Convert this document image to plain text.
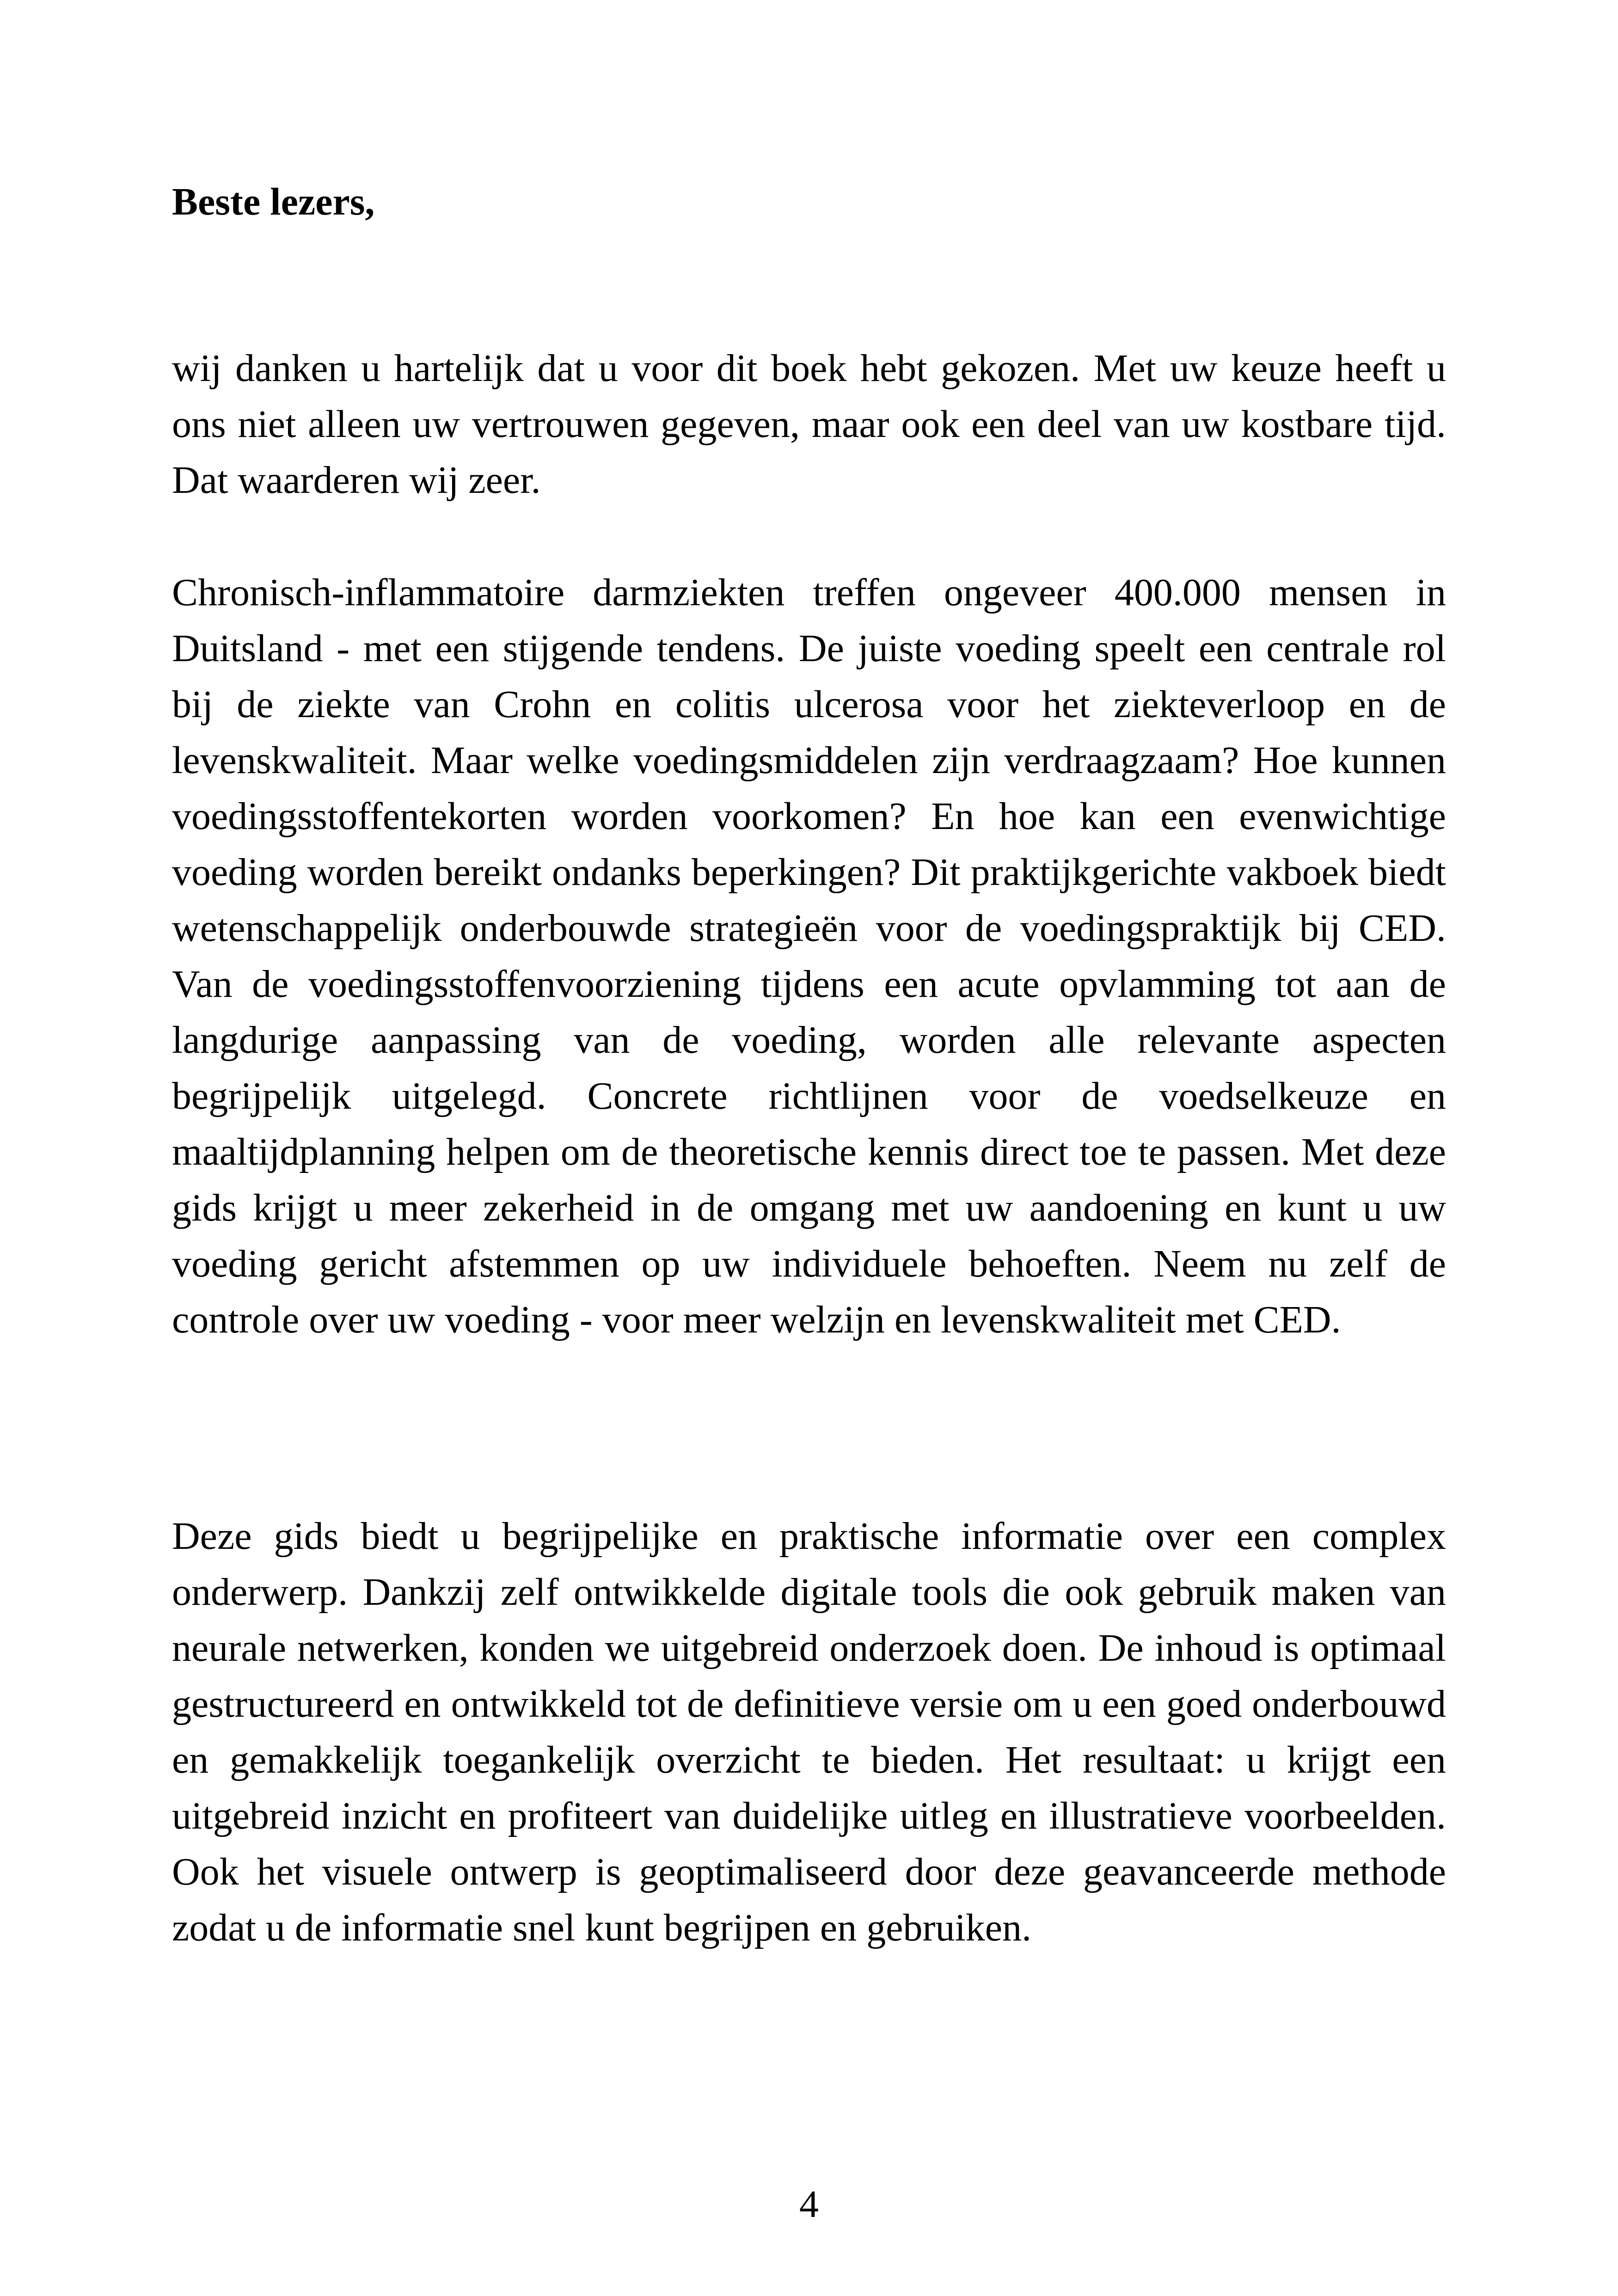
Beste lezers,

wij danken u hartelijk dat u voor dit boek hebt gekozen. Met uw keuze heeft u ons niet alleen uw vertrouwen gegeven, maar ook een deel van uw kostbare tijd. Dat waarderen wij zeer.

Chronisch-inflammatoire darmziekten treffen ongeveer 400.000 mensen in Duitsland - met een stijgende tendens. De juiste voeding speelt een centrale rol bij de ziekte van Crohn en colitis ulcerosa voor het ziekteverloop en de levenskwaliteit. Maar welke voedingsmiddelen zijn verdraagzaam? Hoe kunnen voedingsstoffentekorten worden voorkomen? En hoe kan een evenwichtige voeding worden bereikt ondanks beperkingen? Dit praktijkgerichte vakboek biedt wetenschappelijk onderbouwde strategieën voor de voedingspraktijk bij CED. Van de voedingsstoffenvoorziening tijdens een acute opvlamming tot aan de langdurige aanpassing van de voeding, worden alle relevante aspecten begrijpelijk uitgelegd. Concrete richtlijnen voor de voedselkeuze en maaltijdplanning helpen om de theoretische kennis direct toe te passen. Met deze gids krijgt u meer zekerheid in de omgang met uw aandoening en kunt u uw voeding gericht afstemmen op uw individuele behoeften. Neem nu zelf de controle over uw voeding - voor meer welzijn en levenskwaliteit met CED.

Deze gids biedt u begrijpelijke en praktische informatie over een complex onderwerp. Dankzij zelf ontwikkelde digitale tools die ook gebruik maken van neurale netwerken, konden we uitgebreid onderzoek doen. De inhoud is optimaal gestructureerd en ontwikkeld tot de definitieve versie om u een goed onderbouwd en gemakkelijk toegankelijk overzicht te bieden. Het resultaat: u krijgt een uitgebreid inzicht en profiteert van duidelijke uitleg en illustratieve voorbeelden. Ook het visuele ontwerp is geoptimaliseerd door deze geavanceerde methode zodat u de informatie snel kunt begrijpen en gebruiken.

4
